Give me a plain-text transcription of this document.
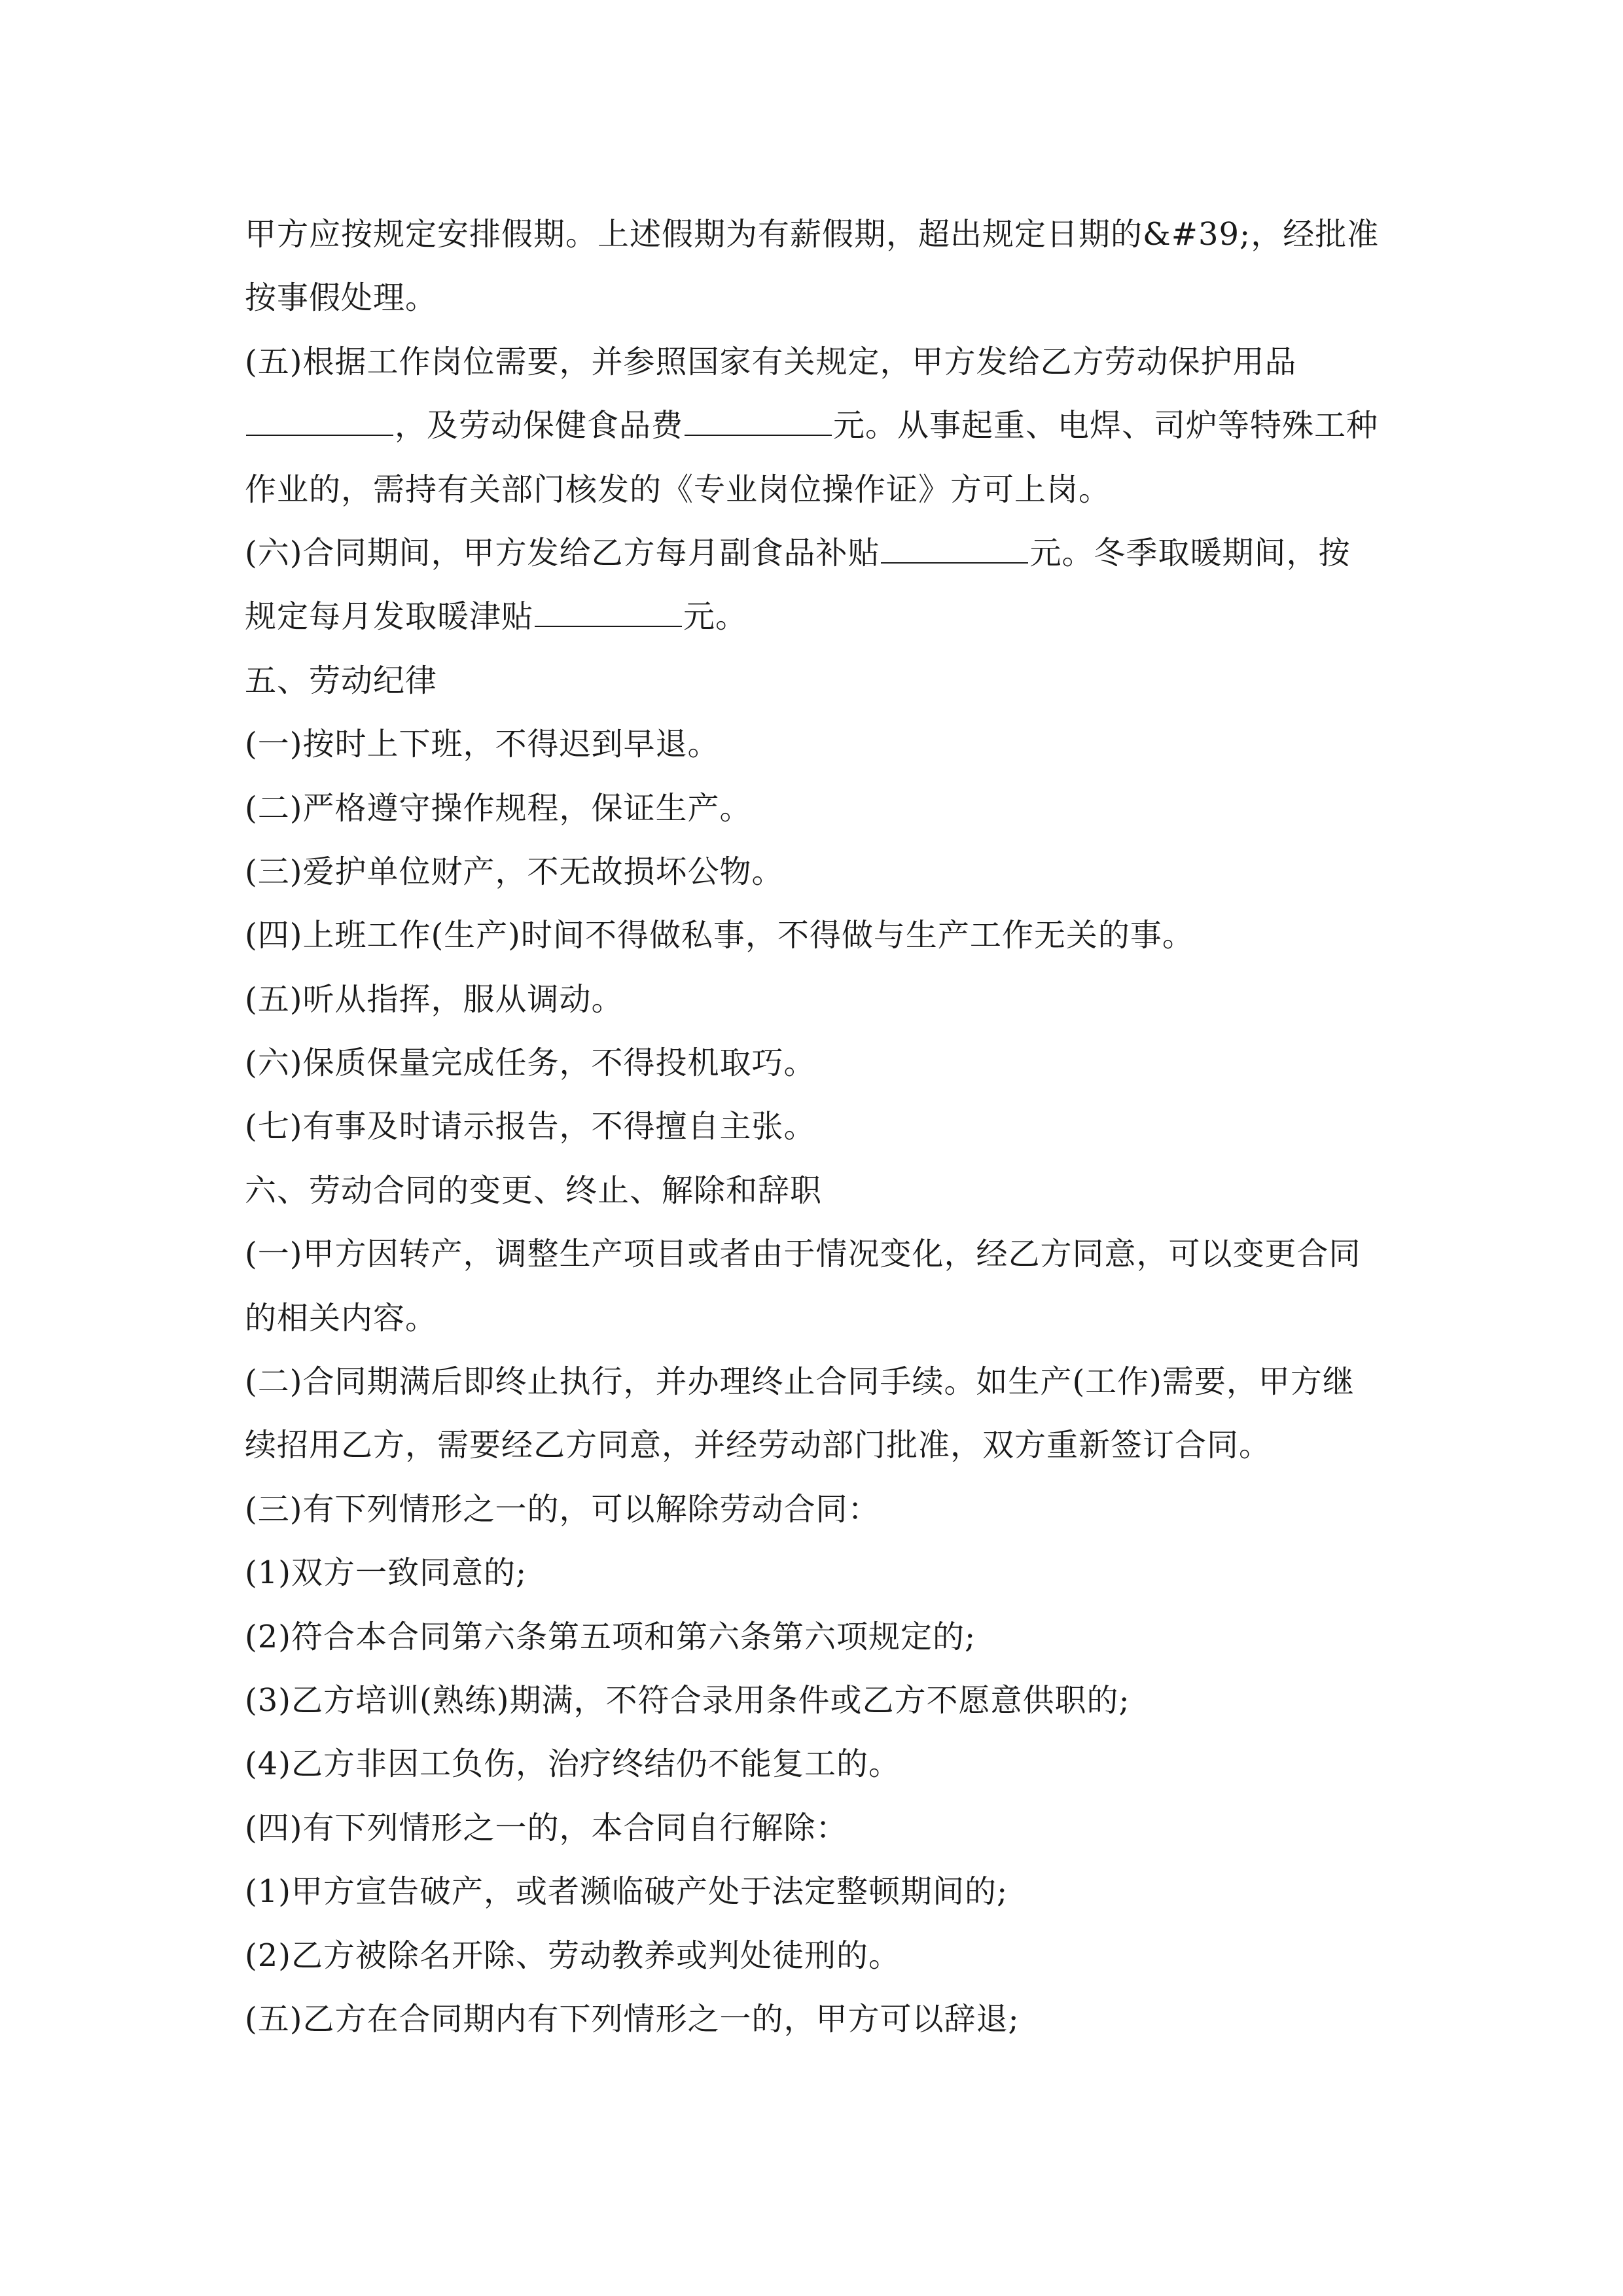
甲方应按规定安排假期。上述假期为有薪假期，超出规定日期的&#39;，经批准
按事假处理。
(五)根据工作岗位需要，并参照国家有关规定，甲方发给乙方劳动保护用品
，及劳动保健食品费	元。从事起重、电焊、司炉等特殊工种
作业的，需持有关部门核发的《专业岗位操作证》方可上岗。
(六)合同期间，甲方发给乙方每月副食品补贴	元。冬季取暖期间，按
规定每月发取暖津贴	元。
五、劳动纪律
(一)按时上下班，不得迟到早退。
(二)严格遵守操作规程，保证生产。
(三)爱护单位财产，不无故损坏公物。
(四)上班工作(生产)时间不得做私事，不得做与生产工作无关的事。
(五)听从指挥，服从调动。
(六)保质保量完成任务，不得投机取巧。
(七)有事及时请示报告，不得擅自主张。
六、劳动合同的变更、终止、解除和辞职
(一)甲方因转产，调整生产项目或者由于情况变化，经乙方同意，可以变更合同
的相关内容。
(二)合同期满后即终止执行，并办理终止合同手续。如生产(工作)需要，甲方继
续招用乙方，需要经乙方同意，并经劳动部门批准，双方重新签订合同。
(三)有下列情形之一的，可以解除劳动合同：
(1)双方一致同意的;
(2)符合本合同第六条第五项和第六条第六项规定的;
(3)乙方培训(熟练)期满，不符合录用条件或乙方不愿意供职的;
(4)乙方非因工负伤，治疗终结仍不能复工的。
(四)有下列情形之一的，本合同自行解除：
(1)甲方宣告破产，或者濒临破产处于法定整顿期间的;
(2)乙方被除名开除、劳动教养或判处徒刑的。
(五)乙方在合同期内有下列情形之一的，甲方可以辞退;
